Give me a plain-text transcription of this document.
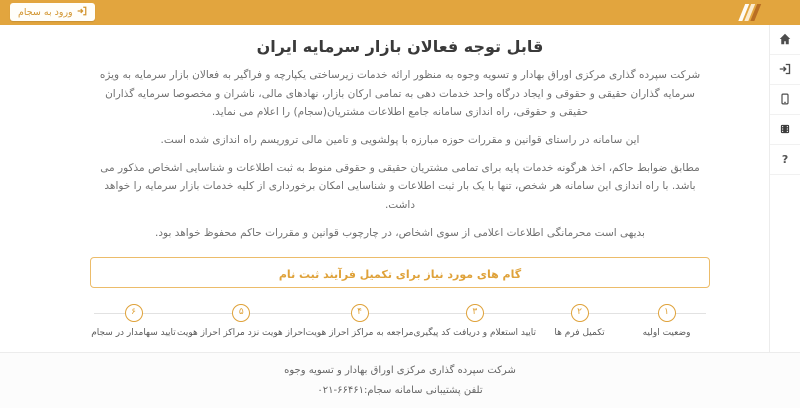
ورود به سجام
?
قابل توجه فعالان بازار سرمایه ایران

شرکت سپرده گذاری مرکزی اوراق بهادار و تسویه وجوه به منظور ارائه خدمات زیرساختی یکپارچه و فراگیر به فعالان بازار سرمایه به ویژه سرمایه گذاران حقیقی و حقوقی و ایجاد درگاه واحد خدمات دهی به تمامی ارکان بازار، نهادهای مالی، ناشران و مخصوصا سرمایه گذاران حقیقی و حقوقی، راه اندازی سامانه جامع اطلاعات مشتریان(سجام) را اعلام می نماید.

این سامانه در راستای قوانین و مقررات حوزه مبارزه با پولشویی و تامین مالی تروریسم راه اندازی شده است.

مطابق ضوابط حاکم، اخذ هرگونه خدمات پایه برای تمامی مشتریان حقیقی و حقوقی منوط به ثبت اطلاعات و شناسایی اشخاص مذکور می باشد. با راه اندازی این سامانه هر شخص، تنها با یک بار ثبت اطلاعات و شناسایی امکان برخورداری از کلیه خدمات بازار سرمایه را خواهد داشت.

بدیهی است محرمانگی اطلاعات اعلامی از سوی اشخاص، در چارچوب قوانین و مقررات حاکم محفوظ خواهد بود.

گام های مورد نیاز برای تکمیل فرآیند ثبت نام
۱
وضعیت اولیه
۲
تکمیل فرم ها
۳
تایید استعلام و دریافت کد پیگیری
۴
مراجعه به مراکز احراز هویت
۵
احراز هویت نزد مراکز احراز هویت
۶
تایید سهامدار در سجام
شرکت سپرده گذاری مرکزی اوراق بهادار و تسویه وجوه
تلفن پشتیبانی سامانه سجام:۶۶۴۶۱-۰۲۱
